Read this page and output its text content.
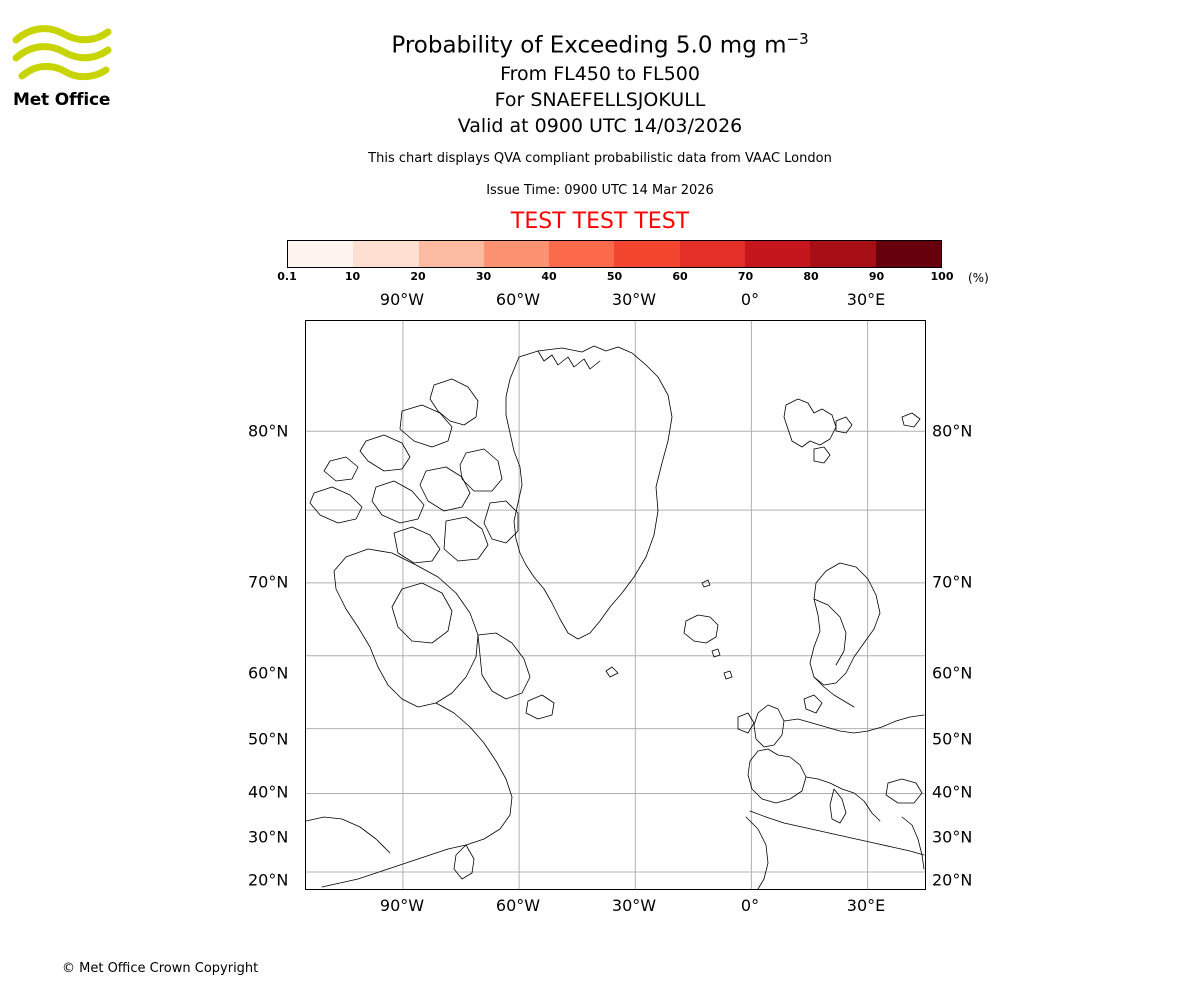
Met Office
Probability of Exceeding 5.0 mg $m^{-3}$
From FL450 to FL500
For SNAEFELLSJOKULL
Valid at 0900 UTC 14/03/2026
This chart displays QVA compliant probabilistic data from VAAC London
Issue Time: 0900 UTC 14 Mar 2026
TEST TEST TEST
0.1	10	20	30	40	50	60	70	80	90	100 (%)
90°W	60°W	30°W	0°	30°E
90°W	60°W	30°W	0°	30°E
80°N
70°N
60°N
50°N
40°N
30°N
20°N
80°N
70°N
60°N
50°N
40°N
30°N
20°N
© Met Office Crown Copyright
